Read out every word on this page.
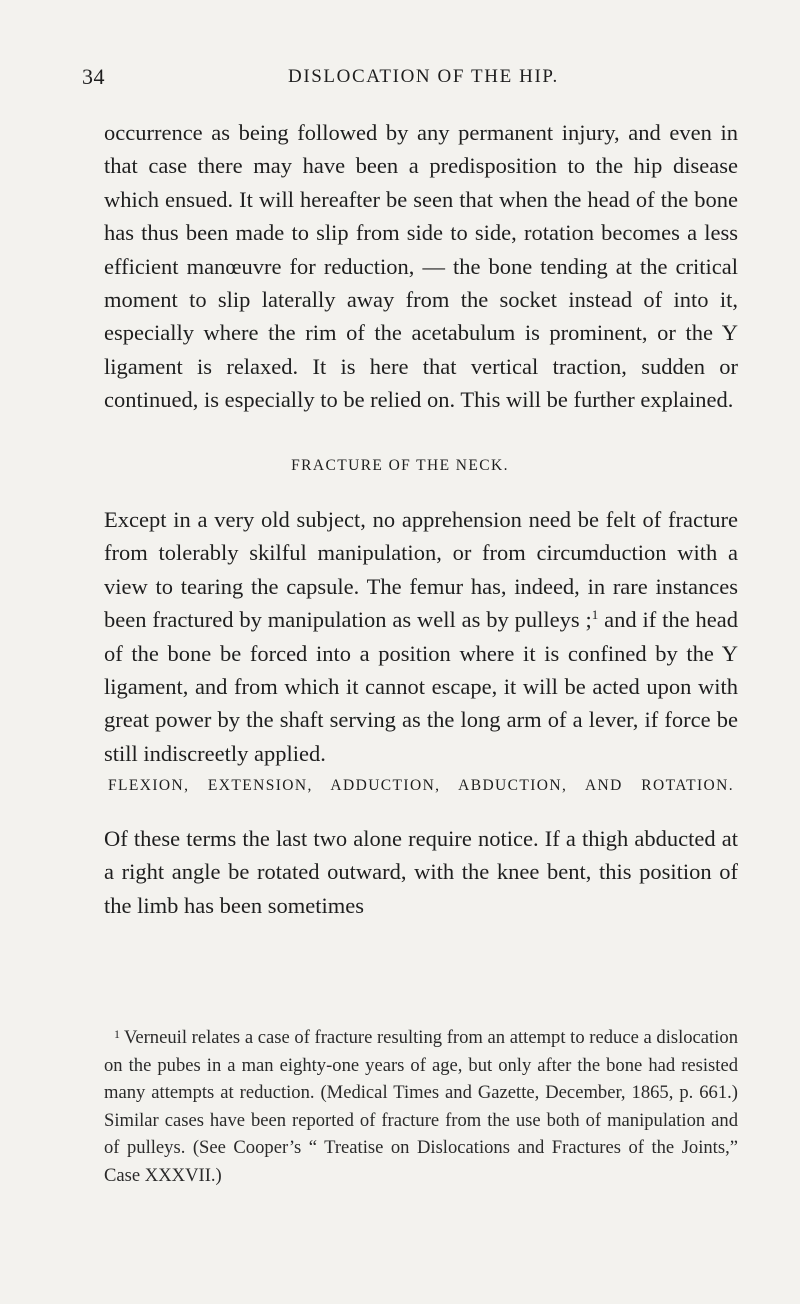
34	DISLOCATION OF THE HIP.

occurrence as being followed by any permanent injury, and even in that case there may have been a predisposition to the hip disease which ensued. It will hereafter be seen that when the head of the bone has thus been made to slip from side to side, rotation becomes a less efficient manœuvre for reduction, — the bone tending at the critical moment to slip laterally away from the socket instead of into it, especially where the rim of the acetabulum is prominent, or the Y ligament is relaxed. It is here that vertical traction, sudden or continued, is especially to be relied on. This will be further explained.

FRACTURE OF THE NECK.

Except in a very old subject, no apprehension need be felt of fracture from tolerably skilful manipulation, or from circumduction with a view to tearing the capsule. The femur has, indeed, in rare instances been fractured by manipulation as well as by pulleys ;$^1$ and if the head of the bone be forced into a position where it is confined by the Y ligament, and from which it cannot escape, it will be acted upon with great power by the shaft serving as the long arm of a lever, if force be still indiscreetly applied.

FLEXION, EXTENSION, ADDUCTION, ABDUCTION, AND ROTATION.

Of these terms the last two alone require notice. If a thigh abducted at a right angle be rotated outward, with the knee bent, this position of the limb has been sometimes

$^1$ Verneuil relates a case of fracture resulting from an attempt to reduce a dislocation on the pubes in a man eighty-one years of age, but only after the bone had resisted many attempts at reduction. (Medical Times and Gazette, December, 1865, p. 661.) Similar cases have been reported of fracture from the use both of manipulation and of pulleys. (See Cooper’s “ Treatise on Dislocations and Fractures of the Joints,” Case XXXVII.)
